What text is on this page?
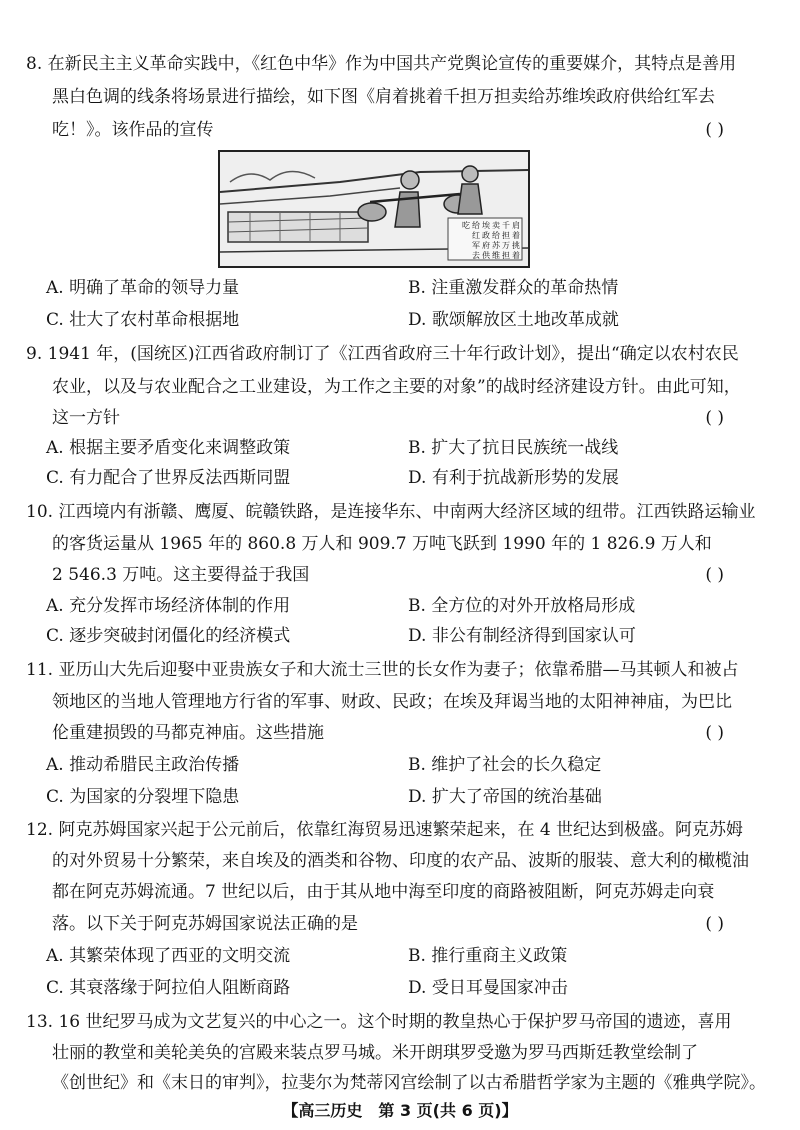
8. 在新民主主义革命实践中，《红色中华》作为中国共产党舆论宣传的重要媒介，其特点是善用
黑白色调的线条将场景进行描绘，如下图《肩着挑着千担万担卖给苏维埃政府供给红军去
吃！》。该作品的宣传	( )
肩
着
挑
着
千
担
万
担
卖
给
苏
维
埃
政
府
供
给
红
军
去
吃
A. 明确了革命的领导力量	B. 注重激发群众的革命热情
C. 壮大了农村革命根据地	D. 歌颂解放区土地改革成就
9. 1941 年，(国统区)江西省政府制订了《江西省政府三十年行政计划》，提出“确定以农村农民
农业，以及与农业配合之工业建设，为工作之主要的对象”的战时经济建设方针。由此可知，
这一方针	( )
A. 根据主要矛盾变化来调整政策	B. 扩大了抗日民族统一战线
C. 有力配合了世界反法西斯同盟	D. 有利于抗战新形势的发展
10. 江西境内有浙赣、鹰厦、皖赣铁路，是连接华东、中南两大经济区域的纽带。江西铁路运输业
的客货运量从 1965 年的 860.8 万人和 909.7 万吨飞跃到 1990 年的 1 826.9 万人和
2 546.3 万吨。这主要得益于我国	( )
A. 充分发挥市场经济体制的作用	B. 全方位的对外开放格局形成
C. 逐步突破封闭僵化的经济模式	D. 非公有制经济得到国家认可
11. 亚历山大先后迎娶中亚贵族女子和大流士三世的长女作为妻子；依靠希腊—马其顿人和被占
领地区的当地人管理地方行省的军事、财政、民政；在埃及拜谒当地的太阳神神庙，为巴比
伦重建损毁的马都克神庙。这些措施	( )
A. 推动希腊民主政治传播	B. 维护了社会的长久稳定
C. 为国家的分裂埋下隐患	D. 扩大了帝国的统治基础
12. 阿克苏姆国家兴起于公元前后，依靠红海贸易迅速繁荣起来，在 4 世纪达到极盛。阿克苏姆
的对外贸易十分繁荣，来自埃及的酒类和谷物、印度的农产品、波斯的服装、意大利的橄榄油
都在阿克苏姆流通。7 世纪以后，由于其从地中海至印度的商路被阻断，阿克苏姆走向衰
落。以下关于阿克苏姆国家说法正确的是	( )
A. 其繁荣体现了西亚的文明交流	B. 推行重商主义政策
C. 其衰落缘于阿拉伯人阻断商路	D. 受日耳曼国家冲击
13. 16 世纪罗马成为文艺复兴的中心之一。这个时期的教皇热心于保护罗马帝国的遗迹，喜用
壮丽的教堂和美轮美奂的宫殿来装点罗马城。米开朗琪罗受邀为罗马西斯廷教堂绘制了
《创世纪》和《末日的审判》，拉斐尔为梵蒂冈宫绘制了以古希腊哲学家为主题的《雅典学院》。
【高三历史　第 3 页(共 6 页)】
